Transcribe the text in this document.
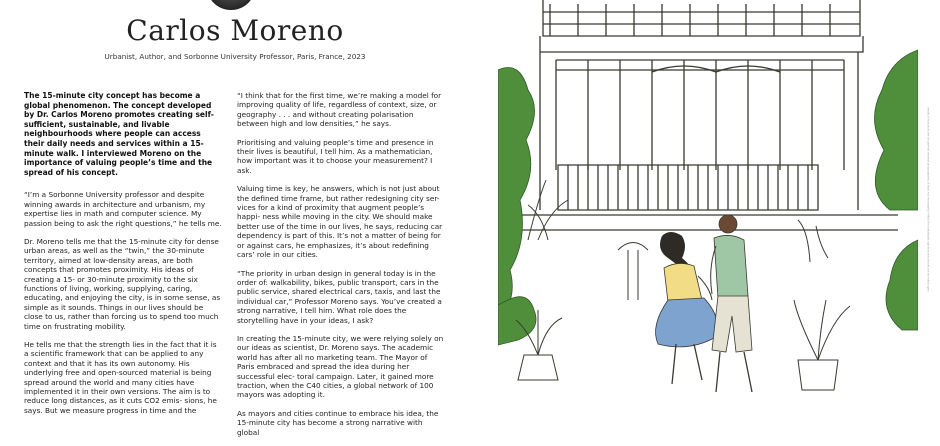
Carlos Moreno
Urbanist, Author, and Sorbonne University Professor, Paris, France, 2023

The 15-minute city concept has become a global phenomenon. The concept developed by Dr. Carlos Moreno promotes creating self-sufficient, sustainable, and livable neighbourhoods where people can access their daily needs and services within a 15-minute walk. I interviewed Moreno on the importance of valuing people’s time and the spread of his concept.

“I’m a Sorbonne University professor and despite winning awards in architecture and urbanism, my expertise lies in math and computer science. My passion being to ask the right questions,” he tells me.

Dr. Moreno tells me that the 15-minute city for dense urban areas, as well as the “twin,” the 30-minute territory, aimed at low-density areas, are both concepts that promotes proximity. His ideas of creating a 15- or 30-minute proximity to the six functions of living, working, supplying, caring, educating, and enjoying the city, is in some sense, as simple as it sounds. Things in our lives should be close to us, rather than forcing us to spend too much time on frustrating mobility.

He tells me that the strength lies in the fact that it is a scientific framework that can be applied to any context and that it has its own autonomy. His underlying free and open-sourced material is being spread around the world and many cities have implemented it in their own versions. The aim is to reduce long distances, as it cuts CO2 emis- sions, he says. But we measure progress in time and the

“I think that for the first time, we’re making a model for improving quality of life, regardless of context, size, or geography . . . and without creating polarisation between high and low densities,” he says.

Prioritising and valuing people’s time and presence in their lives is beautiful, I tell him. As a mathematician, how important was it to choose your measurement? I ask.

Valuing time is key, he answers, which is not just about the defined time frame, but rather redesigning city ser- vices for a kind of proximity that augment people’s happi- ness while moving in the city. We should make better use of the time in our lives, he says, reducing car dependency is part of this. It’s not a matter of being for or against cars, he emphasizes, it’s about redefining cars’ role in our cities.

“The priority in urban design in general today is in the order of: walkability, bikes, public transport, cars in the public service, shared electrical cars, taxis, and last the individual car,” Professor Moreno says. You’ve created a strong narrative, I tell him. What role does the storytelling have in your ideas, I ask?

In creating the 15-minute city, we were relying solely on our ideas as scientist, Dr. Moreno says. The academic world has after all no marketing team. The Mayor of Paris embraced and spread the idea during her successful elec- toral campaign. Later, it gained more traction, when the C40 cities, a global network of 100 mayors was adopting it.

As mayors and cities continue to embrace his idea, the 15-minute city has become a strong narrative with global

words of this book are for general interest and purposes; It does not necessarily reflect the individuals opinions and should not be relied upon.
